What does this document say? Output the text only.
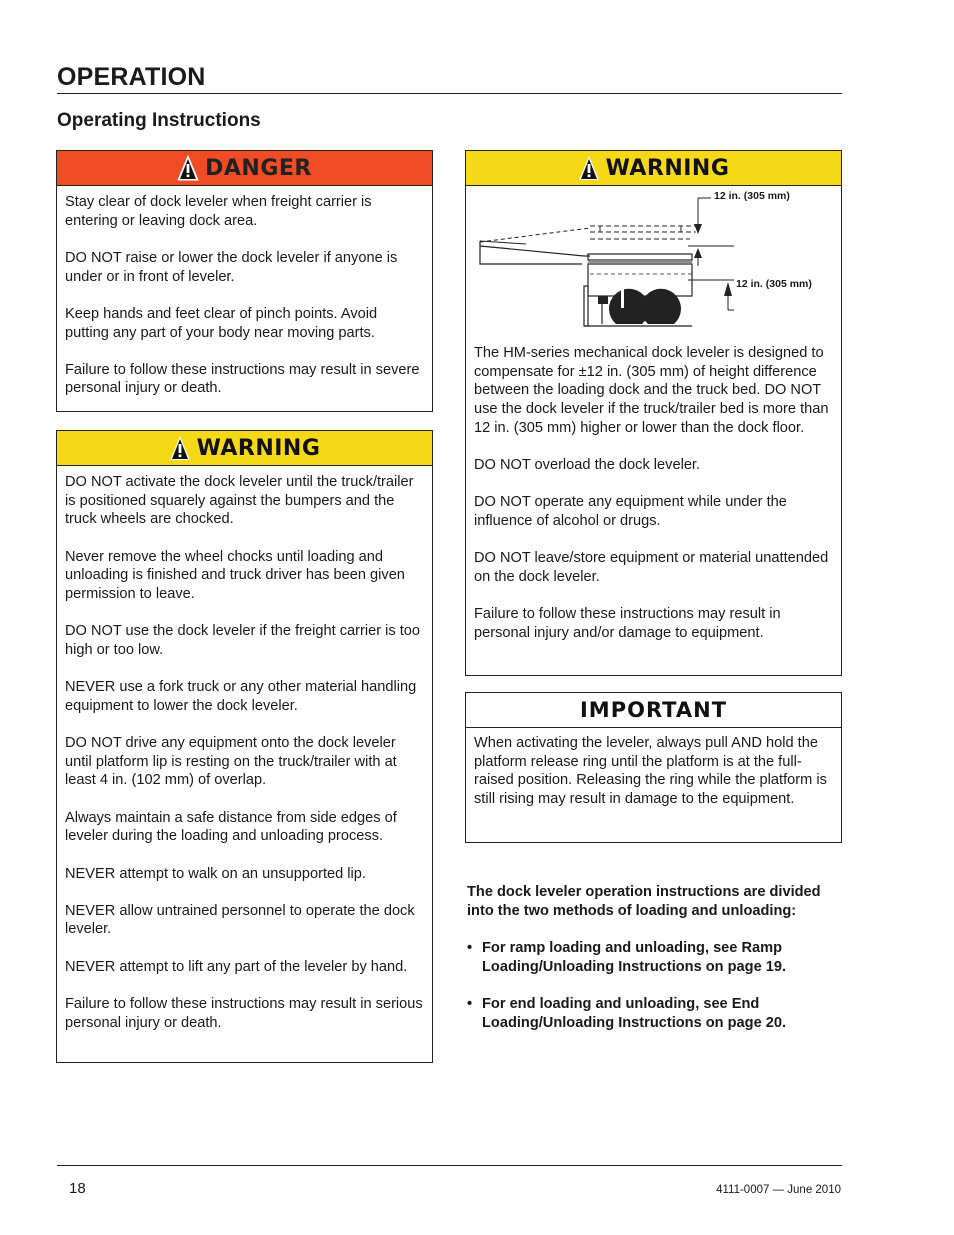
OPERATION
Operating Instructions
DANGER

Stay clear of dock leveler when freight carrier is entering or leaving dock area.

DO NOT raise or lower the dock leveler if anyone is under or in front of leveler.

Keep hands and feet clear of pinch points. Avoid putting any part of your body near moving parts.

Failure to follow these instructions may result in severe personal injury or death.

WARNING

DO NOT activate the dock leveler until the truck/trailer is positioned squarely against the bumpers and the truck wheels are chocked.

Never remove the wheel chocks until loading and unloading is finished and truck driver has been given permission to leave.

DO NOT use the dock leveler if the freight carrier is too high or too low.

NEVER use a fork truck or any other material handling equipment to lower the dock leveler.

DO NOT drive any equipment onto the dock leveler until platform lip is resting on the truck/trailer with at least 4 in. (102 mm) of overlap.

Always maintain a safe distance from side edges of leveler during the loading and unloading process.

NEVER attempt to walk on an unsupported lip.

NEVER allow untrained personnel to operate the dock leveler.

NEVER attempt to lift any part of the leveler by hand.

Failure to follow these instructions may result in serious personal injury or death.

WARNING
12 in. (305 mm)
12 in. (305 mm)

The HM-series mechanical dock leveler is designed to compensate for ±12 in. (305 mm) of height difference between the loading dock and the truck bed. DO NOT use the dock leveler if the truck/trailer bed is more than 12 in. (305 mm) higher or lower than the dock floor.

DO NOT overload the dock leveler.

DO NOT operate any equipment while under the influence of alcohol or drugs.

DO NOT leave/store equipment or material unattended on the dock leveler.

Failure to follow these instructions may result in personal injury and/or damage to equipment.

IMPORTANT

When activating the leveler, always pull AND hold the platform release ring until the platform is at the full-raised position. Releasing the ring while the platform is still rising may result in damage to the equipment.

The dock leveler operation instructions are divided into the two methods of loading and unloading:

• For ramp loading and unloading, see Ramp Loading/Unloading Instructions on page 19.
• For end loading and unloading, see End Loading/Unloading Instructions on page 20.
18	4111-0007 — June 2010
